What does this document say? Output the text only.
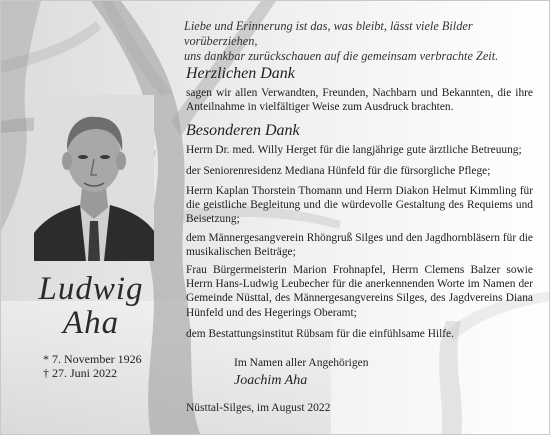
Ludwig
Aha
* 7. November 1926
† 27. Juni 2022
Liebe und Erinnerung ist das, was bleibt, lässt viele Bilder vorüberziehen,
uns dankbar zurückschauen auf die gemeinsam verbrachte Zeit.
Herzlichen Dank
sagen wir allen Verwandten, Freunden, Nachbarn und Bekannten, die ihre Anteilnahme in vielfältiger Weise zum Ausdruck brachten.
Besonderen Dank
Herrn Dr. med. Willy Herget für die langjährige gute ärztliche Betreuung;
der Seniorenresidenz Mediana Hünfeld für die fürsorgliche Pflege;
Herrn Kaplan Thorstein Thomann und Herrn Diakon Helmut Kimmling für die geistliche Begleitung und die würdevolle Gestaltung des Requiems und Beisetzung;
dem Männergesangverein Rhöngruß Silges und den Jagdhornbläsern für die musikalischen Beiträge;
Frau Bürgermeisterin Marion Frohnapfel, Herrn Clemens Balzer sowie Herrn Hans-Ludwig Leubecher für die anerkennenden Worte im Namen der Gemeinde Nüsttal, des Männergesangvereins Silges, des Jagdvereins Diana Hünfeld und des Hegerings Oberamt;
dem Bestattungsinstitut Rübsam für die einfühlsame Hilfe.
Im Namen aller Angehörigen
Joachim Aha
Nüsttal-Silges, im August 2022
